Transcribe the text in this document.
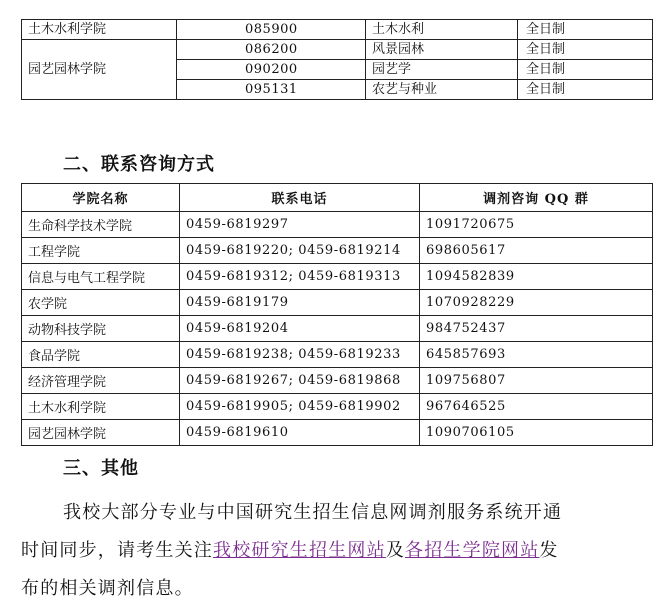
土木水利学院	085900	土木水利	全日制
园艺园林学院	086200	风景园林	全日制
	090200	园艺学	全日制
	095131	农艺与种业	全日制
二、联系咨询方式
学院名称	联系电话	调剂咨询 QQ 群
生命科学技术学院	0459-6819297	1091720675
工程学院	0459-6819220; 0459-6819214	698605617
信息与电气工程学院	0459-6819312; 0459-6819313	1094582839
农学院	0459-6819179	1070928229
动物科技学院	0459-6819204	984752437
食品学院	0459-6819238; 0459-6819233	645857693
经济管理学院	0459-6819267; 0459-6819868	109756807
土木水利学院	0459-6819905; 0459-6819902	967646525
园艺园林学院	0459-6819610	1090706105
三、其他
我校大部分专业与中国研究生招生信息网调剂服务系统开通
时间同步，请考生关注我校研究生招生网站及各招生学院网站发
布的相关调剂信息。
